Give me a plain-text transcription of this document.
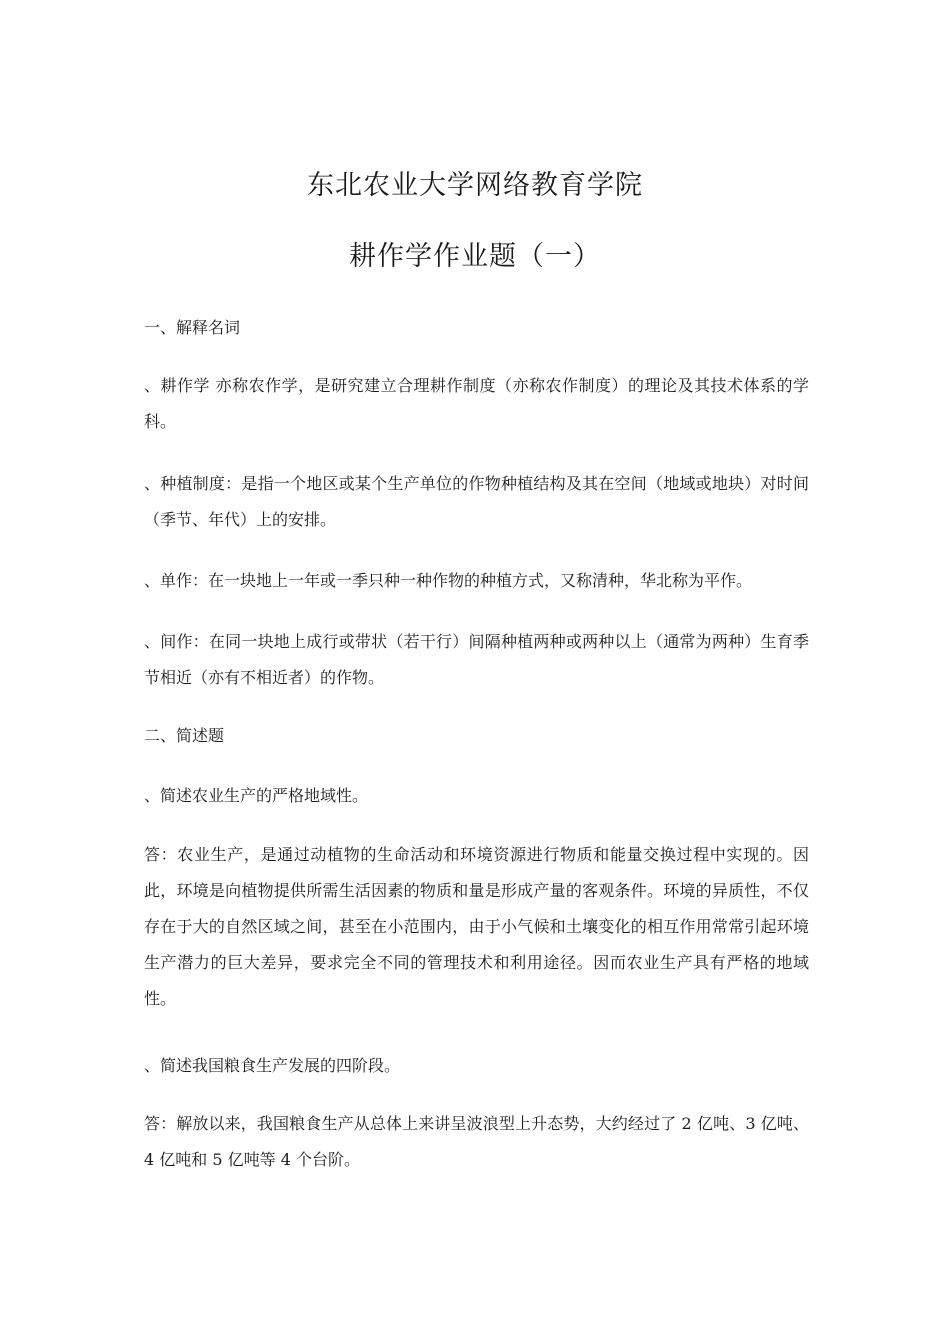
东北农业大学网络教育学院
耕作学作业题（一）
一、解释名词
、耕作学 亦称农作学，是研究建立合理耕作制度（亦称农作制度）的理论及其技术体系的学科。
、种植制度：是指一个地区或某个生产单位的作物种植结构及其在空间（地域或地块）对时间（季节、年代）上的安排。
、单作：在一块地上一年或一季只种一种作物的种植方式，又称清种，华北称为平作。
、间作：在同一块地上成行或带状（若干行）间隔种植两种或两种以上（通常为两种）生育季节相近（亦有不相近者）的作物。
二、简述题
、简述农业生产的严格地域性。
答：农业生产，是通过动植物的生命活动和环境资源进行物质和能量交换过程中实现的。因此，环境是向植物提供所需生活因素的物质和量是形成产量的客观条件。环境的异质性，不仅存在于大的自然区域之间，甚至在小范围内，由于小气候和土壤变化的相互作用常常引起环境生产潜力的巨大差异，要求完全不同的管理技术和利用途径。因而农业生产具有严格的地域性。
、简述我国粮食生产发展的四阶段。
答：解放以来，我国粮食生产从总体上来讲呈波浪型上升态势，大约经过了 2 亿吨、3 亿吨、4 亿吨和 5 亿吨等 4 个台阶。
